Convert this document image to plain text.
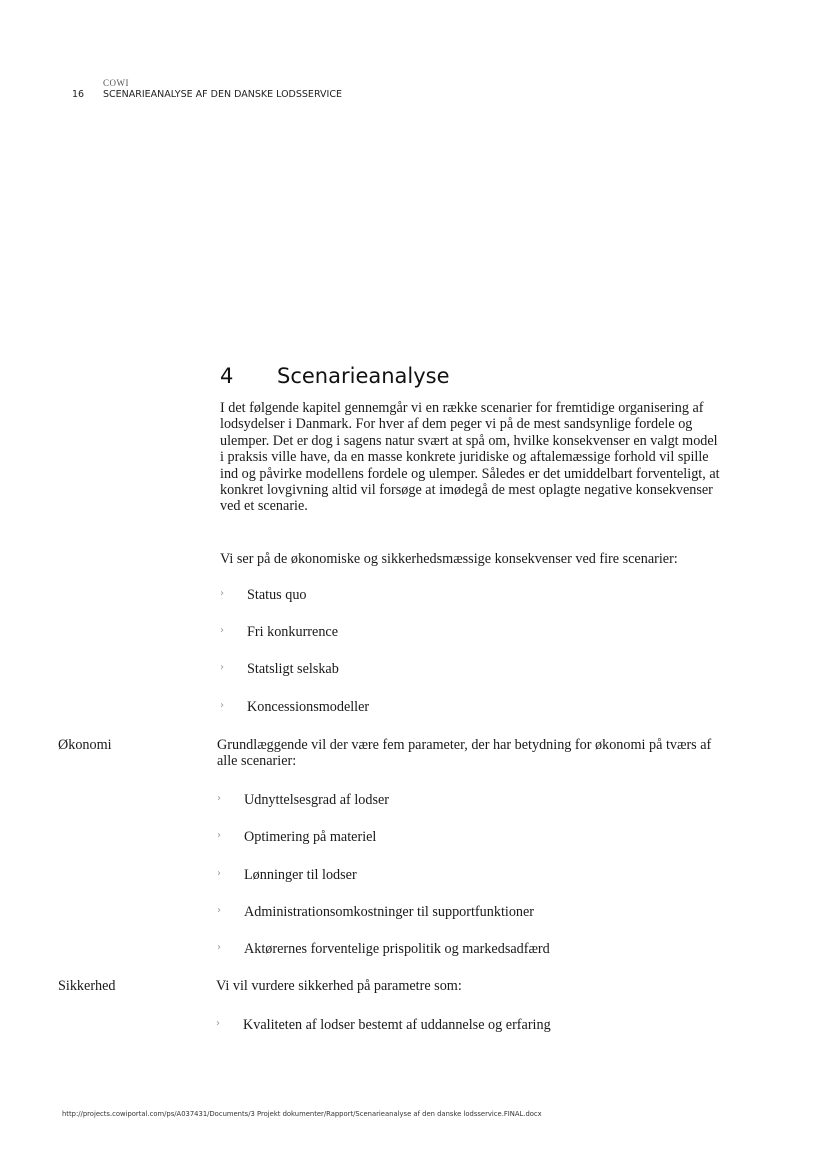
COWI
16 SCENARIEANALYSE AF DEN DANSKE LODSSERVICE
4 Scenarieanalyse
I det følgende kapitel gennemgår vi en række scenarier for fremtidige organisering af lodsydelser i Danmark. For hver af dem peger vi på de mest sandsynlige fordele og ulemper. Det er dog i sagens natur svært at spå om, hvilke konsekvenser en valgt model i praksis ville have, da en masse konkrete juridiske og aftalemæssige forhold vil spille ind og påvirke modellens fordele og ulemper. Således er det umiddelbart forventeligt, at konkret lovgivning altid vil forsøge at imødegå de mest oplagte negative konsekvenser ved et scenarie.
Vi ser på de økonomiske og sikkerhedsmæssige konsekvenser ved fire scenarier:
›	Status quo
›	Fri konkurrence
›	Statsligt selskab
›	Koncessionsmodeller
Økonomi	Grundlæggende vil der være fem parameter, der har betydning for økonomi på tværs af alle scenarier:
›	Udnyttelsesgrad af lodser
›	Optimering på materiel
›	Lønninger til lodser
›	Administrationsomkostninger til supportfunktioner
›	Aktørernes forventelige prispolitik og markedsadfærd
Sikkerhed	Vi vil vurdere sikkerhed på parametre som:
›	Kvaliteten af lodser bestemt af uddannelse og erfaring
http://projects.cowiportal.com/ps/A037431/Documents/3 Projekt dokumenter/Rapport/Scenarieanalyse af den danske lodsservice.FINAL.docx
